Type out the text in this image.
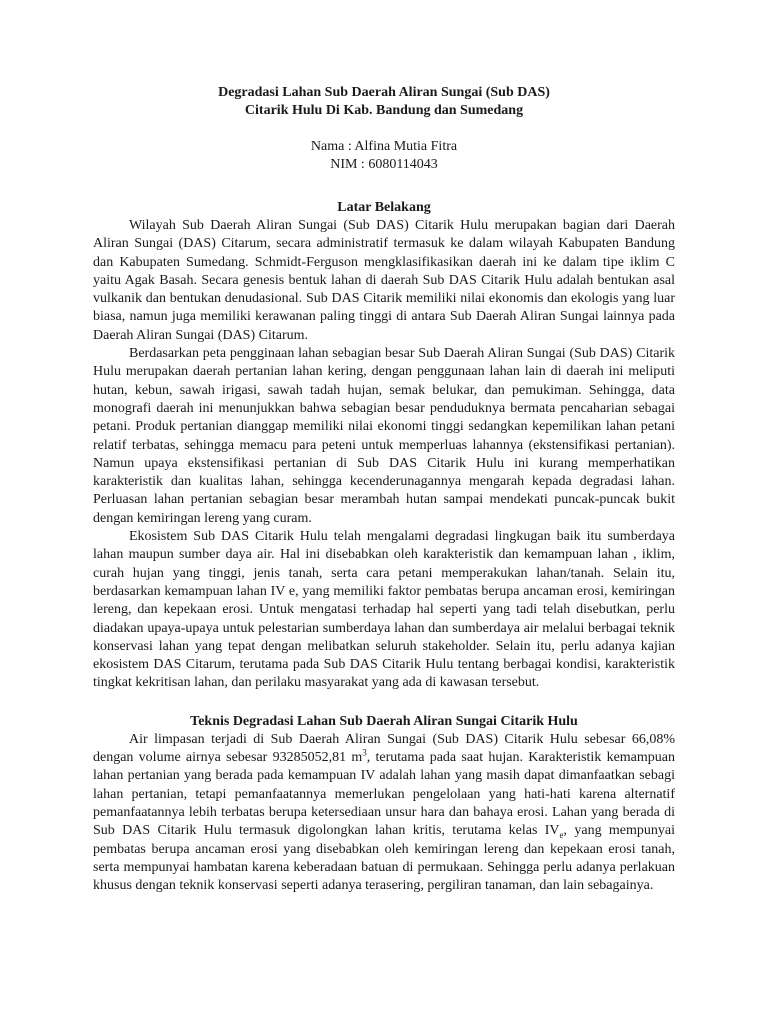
Degradasi Lahan Sub Daerah Aliran Sungai (Sub DAS)
Citarik Hulu Di Kab. Bandung dan Sumedang
Nama : Alfina Mutia Fitra
NIM : 6080114043
Latar Belakang

Wilayah Sub Daerah Aliran Sungai (Sub DAS) Citarik Hulu merupakan bagian dari Daerah Aliran Sungai (DAS) Citarum, secara administratif termasuk ke dalam wilayah Kabupaten Bandung dan Kabupaten Sumedang. Schmidt-Ferguson mengklasifikasikan daerah ini ke dalam tipe iklim C yaitu Agak Basah. Secara genesis bentuk lahan di daerah Sub DAS Citarik Hulu adalah bentukan asal vulkanik dan bentukan denudasional. Sub DAS Citarik memiliki nilai ekonomis dan ekologis yang luar biasa, namun juga memiliki kerawanan paling tinggi di antara Sub Daerah Aliran Sungai lainnya pada Daerah Aliran Sungai (DAS) Citarum.

Berdasarkan peta pengginaan lahan sebagian besar Sub Daerah Aliran Sungai (Sub DAS) Citarik Hulu merupakan daerah pertanian lahan kering, dengan penggunaan lahan lain di daerah ini meliputi hutan, kebun, sawah irigasi, sawah tadah hujan, semak belukar, dan pemukiman. Sehingga, data monografi daerah ini menunjukkan bahwa sebagian besar penduduknya bermata pencaharian sebagai petani. Produk pertanian dianggap memiliki nilai ekonomi tinggi sedangkan kepemilikan lahan petani relatif terbatas, sehingga memacu para peteni untuk memperluas lahannya (ekstensifikasi pertanian). Namun upaya ekstensifikasi pertanian di Sub DAS Citarik Hulu ini kurang memperhatikan karakteristik dan kualitas lahan, sehingga kecenderunagannya mengarah kepada degradasi lahan. Perluasan lahan pertanian sebagian besar merambah hutan sampai mendekati puncak-puncak bukit dengan kemiringan lereng yang curam.

Ekosistem Sub DAS Citarik Hulu telah mengalami degradasi lingkugan baik itu sumberdaya lahan maupun sumber daya air. Hal ini disebabkan oleh karakteristik dan kemampuan lahan , iklim, curah hujan yang tinggi, jenis tanah, serta cara petani memperakukan lahan/tanah. Selain itu, berdasarkan kemampuan lahan IV e, yang memiliki faktor pembatas berupa ancaman erosi, kemiringan lereng, dan kepekaan erosi. Untuk mengatasi terhadap hal seperti yang tadi telah disebutkan, perlu diadakan upaya-upaya untuk pelestarian sumberdaya lahan dan sumberdaya air melalui berbagai teknik konservasi lahan yang tepat dengan melibatkan seluruh stakeholder. Selain itu, perlu adanya kajian ekosistem DAS Citarum, terutama pada Sub DAS Citarik Hulu tentang berbagai kondisi, karakteristik tingkat kekritisan lahan, dan perilaku masyarakat yang ada di kawasan tersebut.

Teknis Degradasi Lahan Sub Daerah Aliran Sungai Citarik Hulu

Air limpasan terjadi di Sub Daerah Aliran Sungai (Sub DAS) Citarik Hulu sebesar 66,08% dengan volume airnya sebesar 93285052,81 $m^3$, terutama pada saat hujan. Karakteristik kemampuan lahan pertanian yang berada pada kemampuan IV adalah lahan yang masih dapat dimanfaatkan sebagi lahan pertanian, tetapi pemanfaatannya memerlukan pengelolaan yang hati-hati karena alternatif pemanfaatannya lebih terbatas berupa ketersediaan unsur hara dan bahaya erosi. Lahan yang berada di Sub DAS Citarik Hulu termasuk digolongkan lahan kritis, terutama kelas $IV_e$, yang mempunyai pembatas berupa ancaman erosi yang disebabkan oleh kemiringan lereng dan kepekaan erosi tanah, serta mempunyai hambatan karena keberadaan batuan di permukaan. Sehingga perlu adanya perlakuan khusus dengan teknik konservasi seperti adanya terasering, pergiliran tanaman, dan lain sebagainya.
